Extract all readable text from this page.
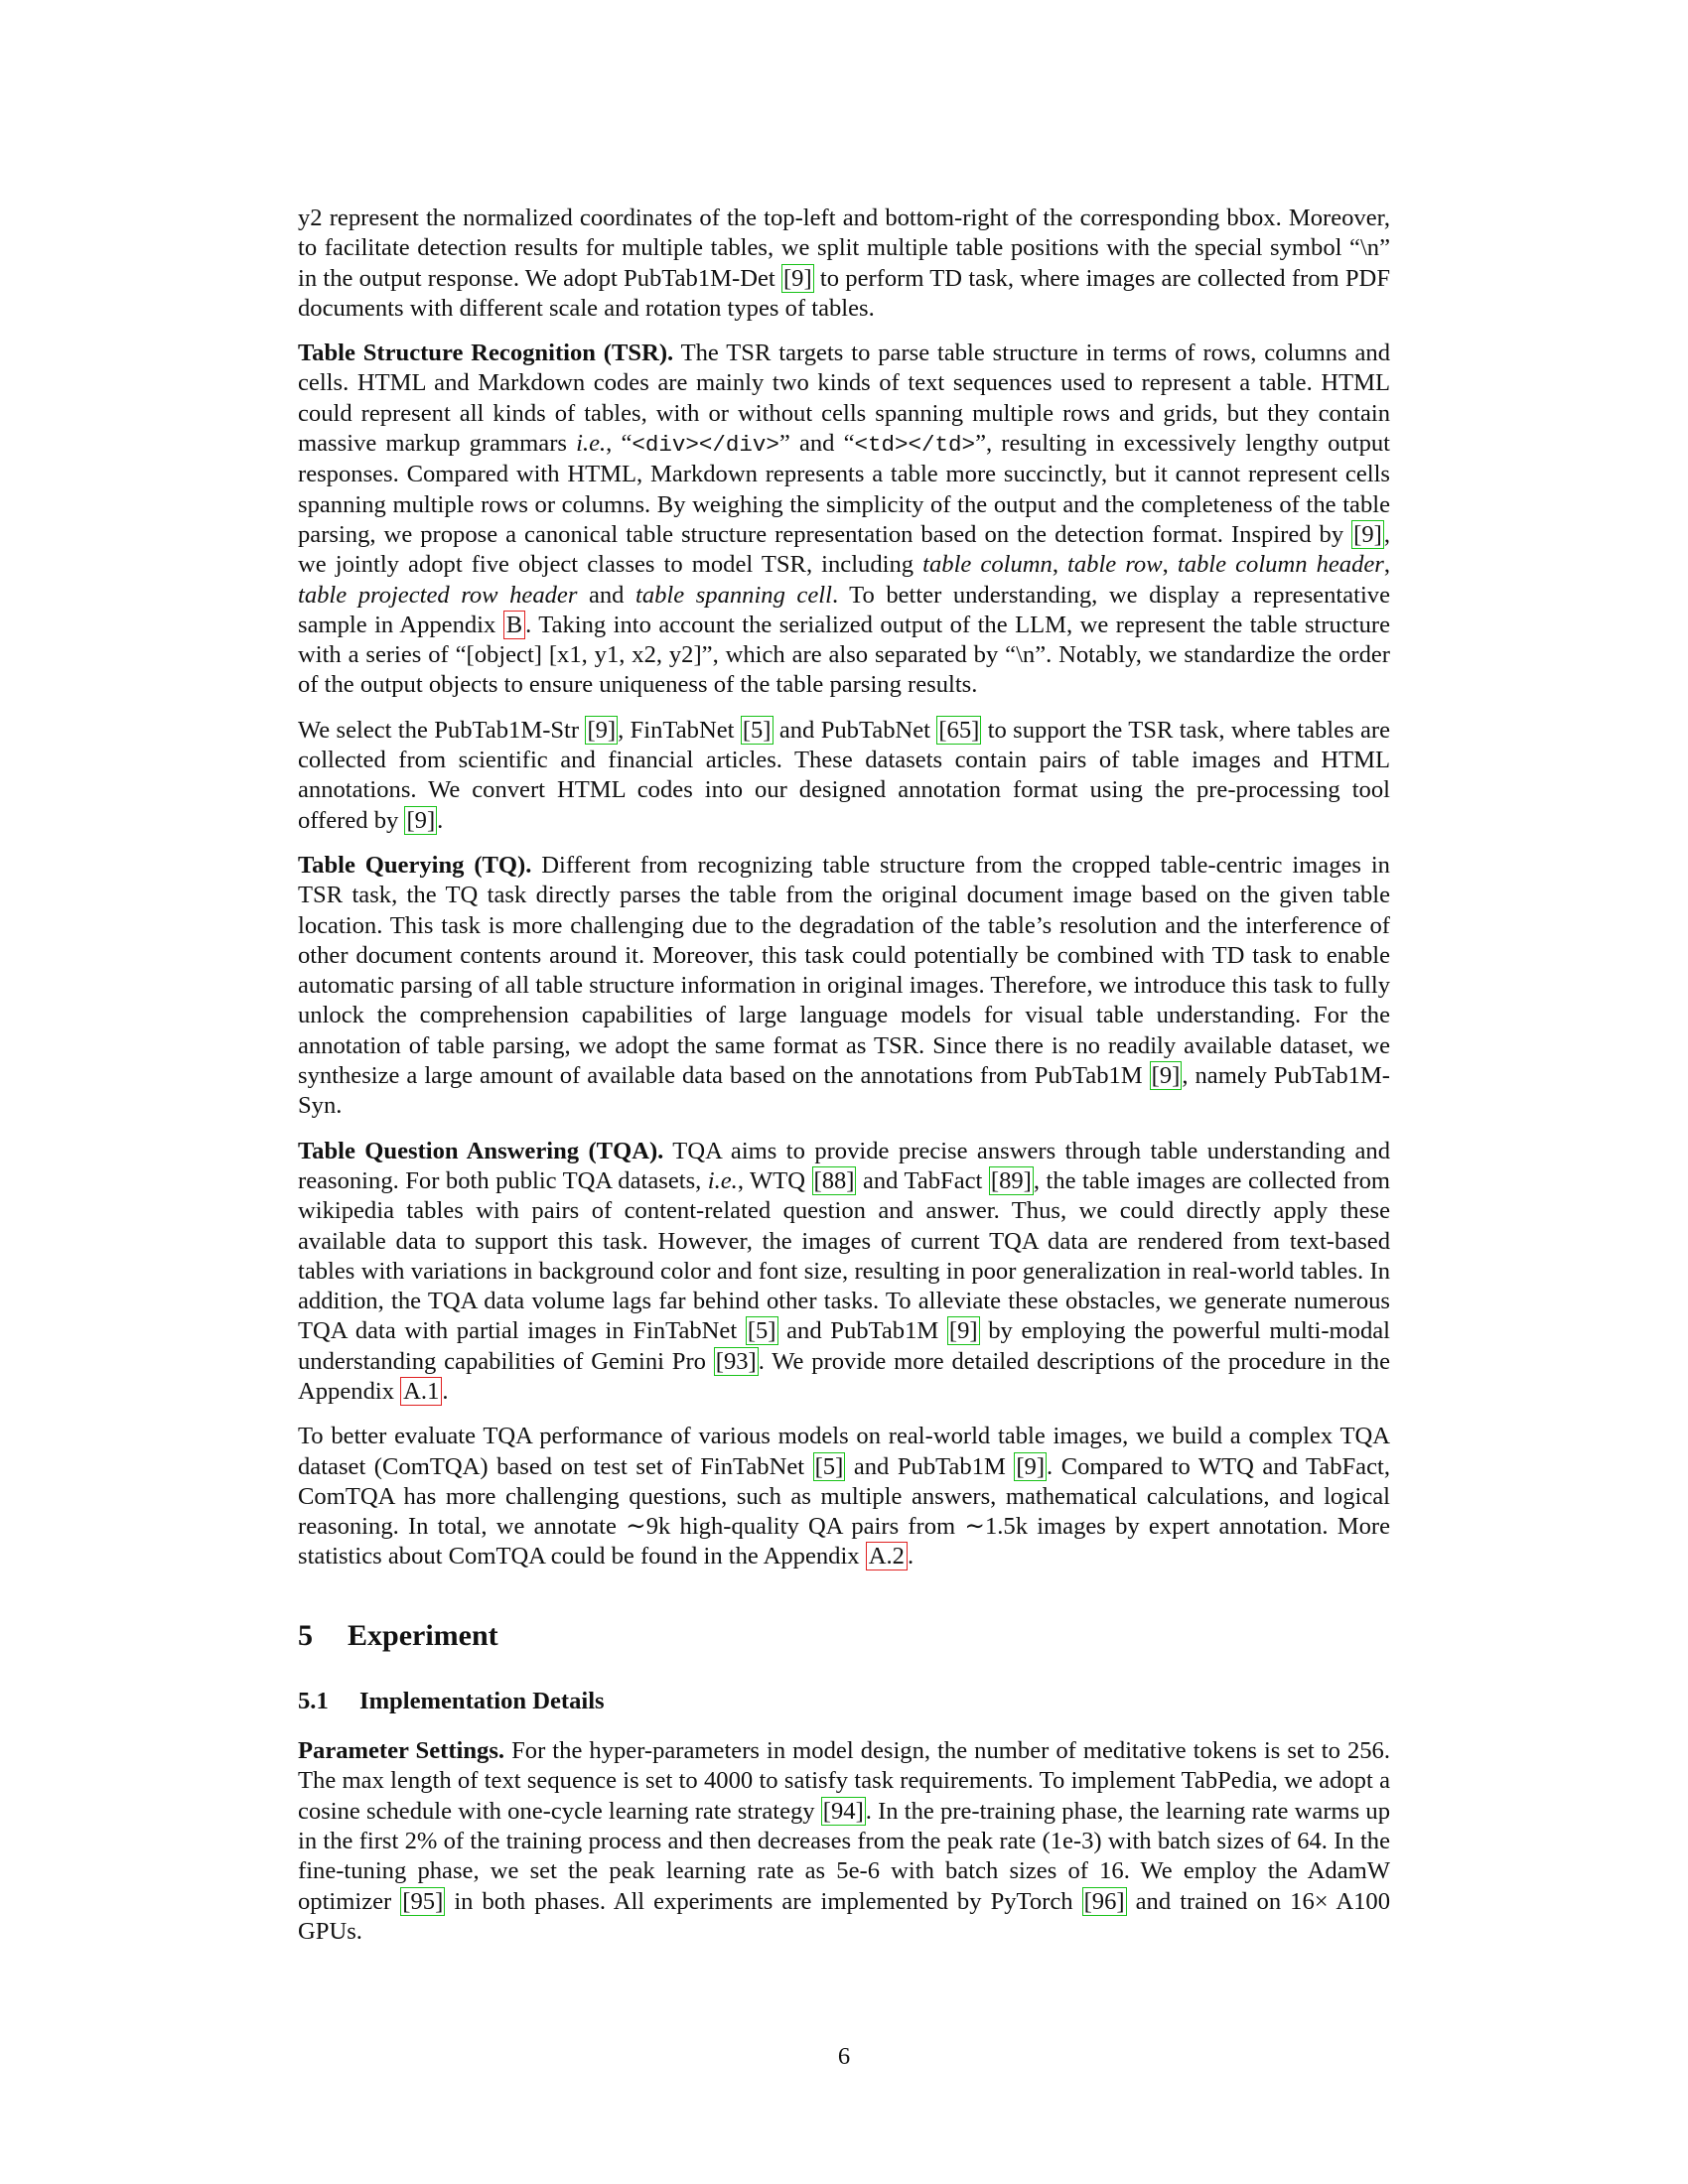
y2 represent the normalized coordinates of the top-left and bottom-right of the corresponding bbox. Moreover, to facilitate detection results for multiple tables, we split multiple table positions with the special symbol “\n” in the output response. We adopt PubTab1M-Det [9] to perform TD task, where images are collected from PDF documents with different scale and rotation types of tables.

Table Structure Recognition (TSR). The TSR targets to parse table structure in terms of rows, columns and cells. HTML and Markdown codes are mainly two kinds of text sequences used to represent a table. HTML could represent all kinds of tables, with or without cells spanning multiple rows and grids, but they contain massive markup grammars i.e., “<div></div>” and “<td></td>”, resulting in excessively lengthy output responses. Compared with HTML, Markdown represents a table more succinctly, but it cannot represent cells spanning multiple rows or columns. By weighing the simplicity of the output and the completeness of the table parsing, we propose a canonical table structure representation based on the detection format. Inspired by [9], we jointly adopt five object classes to model TSR, including table column, table row, table column header, table projected row header and table spanning cell. To better understanding, we display a representative sample in Appendix B . Taking into account the serialized output of the LLM, we represent the table structure with a series of “[object] [x1, y1, x2, y2]”, which are also separated by “\n”. Notably, we standardize the order of the output objects to ensure uniqueness of the table parsing results.

We select the PubTab1M-Str [9], FinTabNet [5] and PubTabNet [65] to support the TSR task, where tables are collected from scientific and financial articles. These datasets contain pairs of table images and HTML annotations. We convert HTML codes into our designed annotation format using the pre-processing tool offered by [9].

Table Querying (TQ). Different from recognizing table structure from the cropped table-centric images in TSR task, the TQ task directly parses the table from the original document image based on the given table location. This task is more challenging due to the degradation of the table’s resolution and the interference of other document contents around it. Moreover, this task could potentially be combined with TD task to enable automatic parsing of all table structure information in original images. Therefore, we introduce this task to fully unlock the comprehension capabilities of large language models for visual table understanding. For the annotation of table parsing, we adopt the same format as TSR. Since there is no readily available dataset, we synthesize a large amount of available data based on the annotations from PubTab1M [9], namely PubTab1M-Syn.

Table Question Answering (TQA). TQA aims to provide precise answers through table understanding and reasoning. For both public TQA datasets, i.e., WTQ [88] and TabFact [89], the table images are collected from wikipedia tables with pairs of content-related question and answer. Thus, we could directly apply these available data to support this task. However, the images of current TQA data are rendered from text-based tables with variations in background color and font size, resulting in poor generalization in real-world tables. In addition, the TQA data volume lags far behind other tasks. To alleviate these obstacles, we generate numerous TQA data with partial images in FinTabNet [5] and PubTab1M [9] by employing the powerful multi-modal understanding capabilities of Gemini Pro [93]. We provide more detailed descriptions of the procedure in the Appendix A.1 .

To better evaluate TQA performance of various models on real-world table images, we build a complex TQA dataset (ComTQA) based on test set of FinTabNet [5] and PubTab1M [9]. Compared to WTQ and TabFact, ComTQA has more challenging questions, such as multiple answers, mathematical calculations, and logical reasoning. In total, we annotate ∼9k high-quality QA pairs from ∼1.5k images by expert annotation. More statistics about ComTQA could be found in the Appendix A.2 .

5 Experiment
5.1 Implementation Details

Parameter Settings. For the hyper-parameters in model design, the number of meditative tokens is set to 256. The max length of text sequence is set to 4000 to satisfy task requirements. To implement TabPedia, we adopt a cosine schedule with one-cycle learning rate strategy [94]. In the pre-training phase, the learning rate warms up in the first 2% of the training process and then decreases from the peak rate (1e-3) with batch sizes of 64. In the fine-tuning phase, we set the peak learning rate as 5e-6 with batch sizes of 16. We employ the AdamW optimizer [95] in both phases. All experiments are implemented by PyTorch [96] and trained on 16× A100 GPUs.

6
